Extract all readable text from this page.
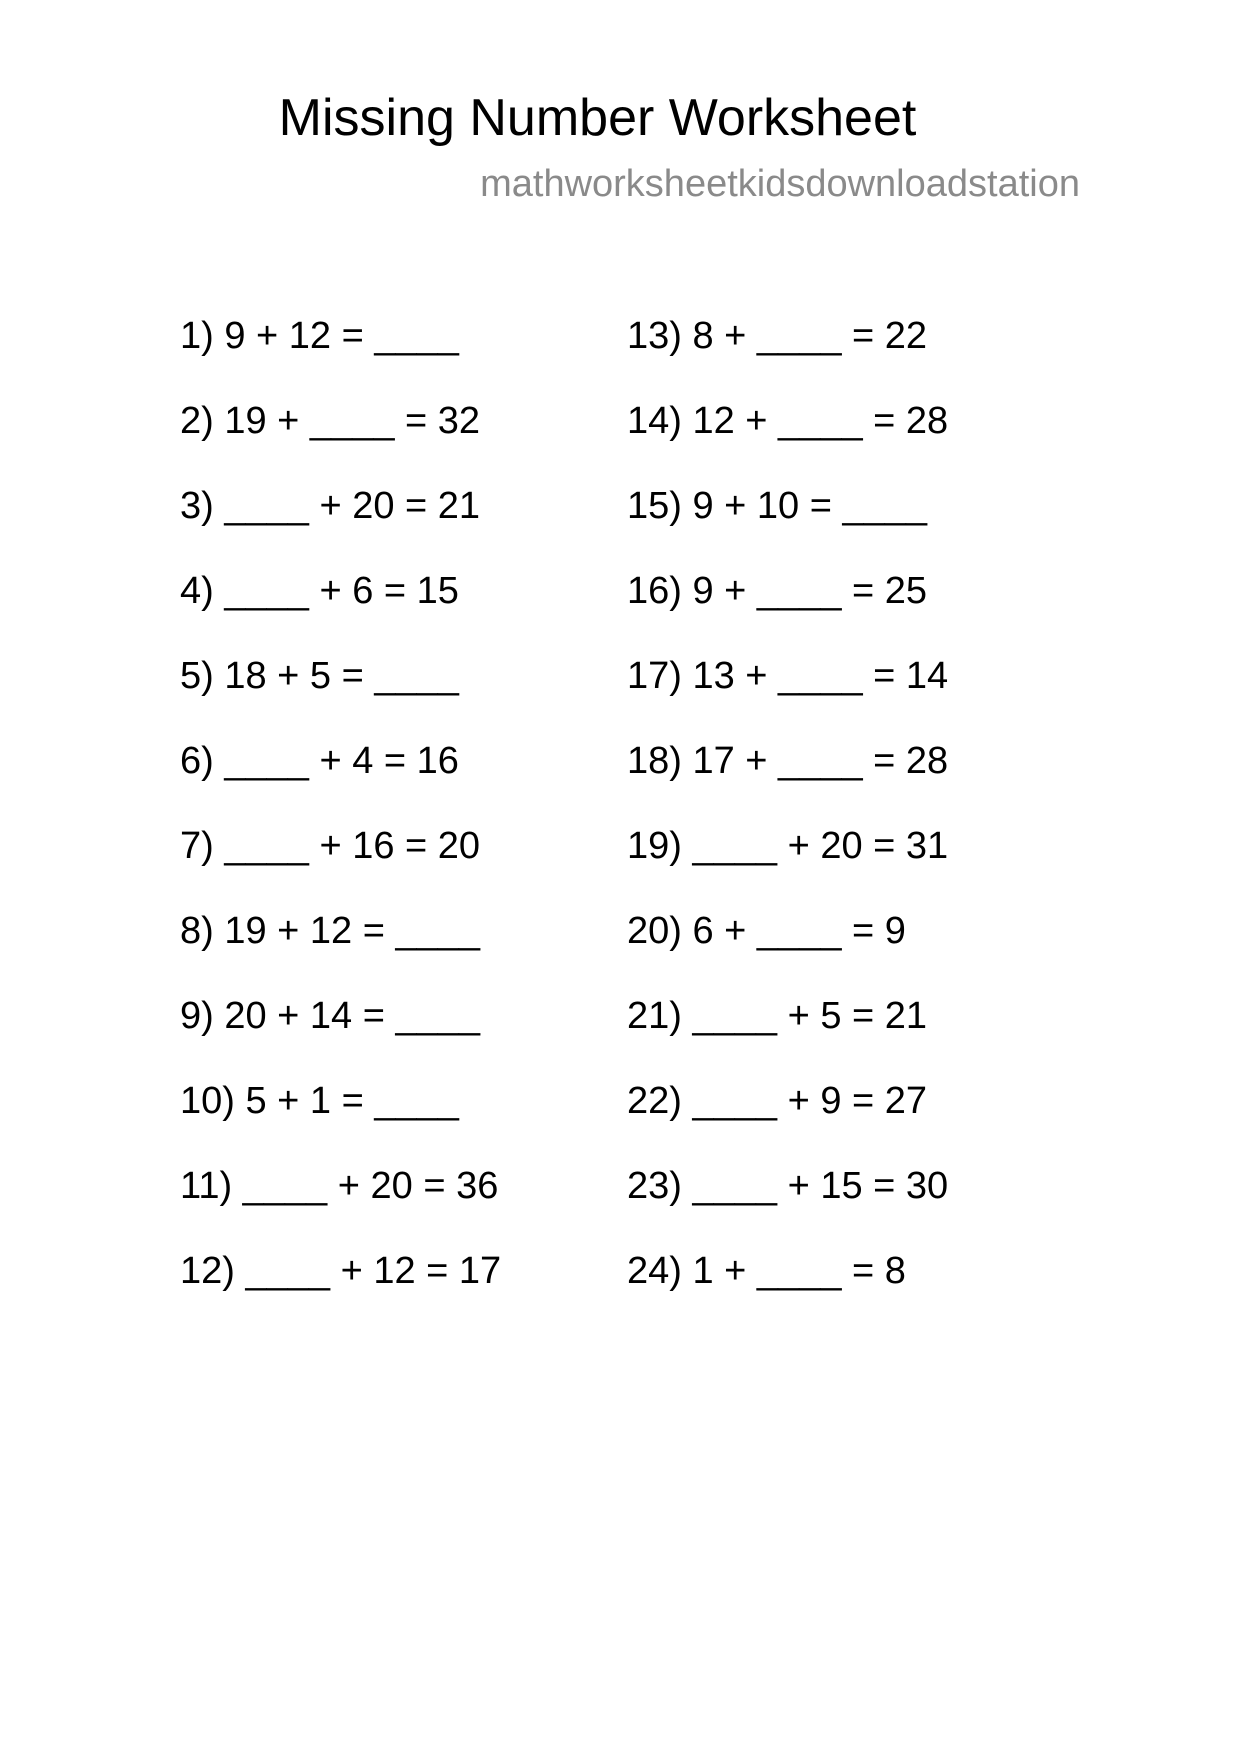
Missing Number Worksheet
mathworksheetkidsdownloadstation
1) 9 + 12 = ____
2) 19 + ____ = 32
3) ____ + 20 = 21
4) ____ + 6 = 15
5) 18 + 5 = ____
6) ____ + 4 = 16
7) ____ + 16 = 20
8) 19 + 12 = ____
9) 20 + 14 = ____
10) 5 + 1 = ____
11) ____ + 20 = 36
12) ____ + 12 = 17
13) 8 + ____ = 22
14) 12 + ____ = 28
15) 9 + 10 = ____
16) 9 + ____ = 25
17) 13 + ____ = 14
18) 17 + ____ = 28
19) ____ + 20 = 31
20) 6 + ____ = 9
21) ____ + 5 = 21
22) ____ + 9 = 27
23) ____ + 15 = 30
24) 1 + ____ = 8
